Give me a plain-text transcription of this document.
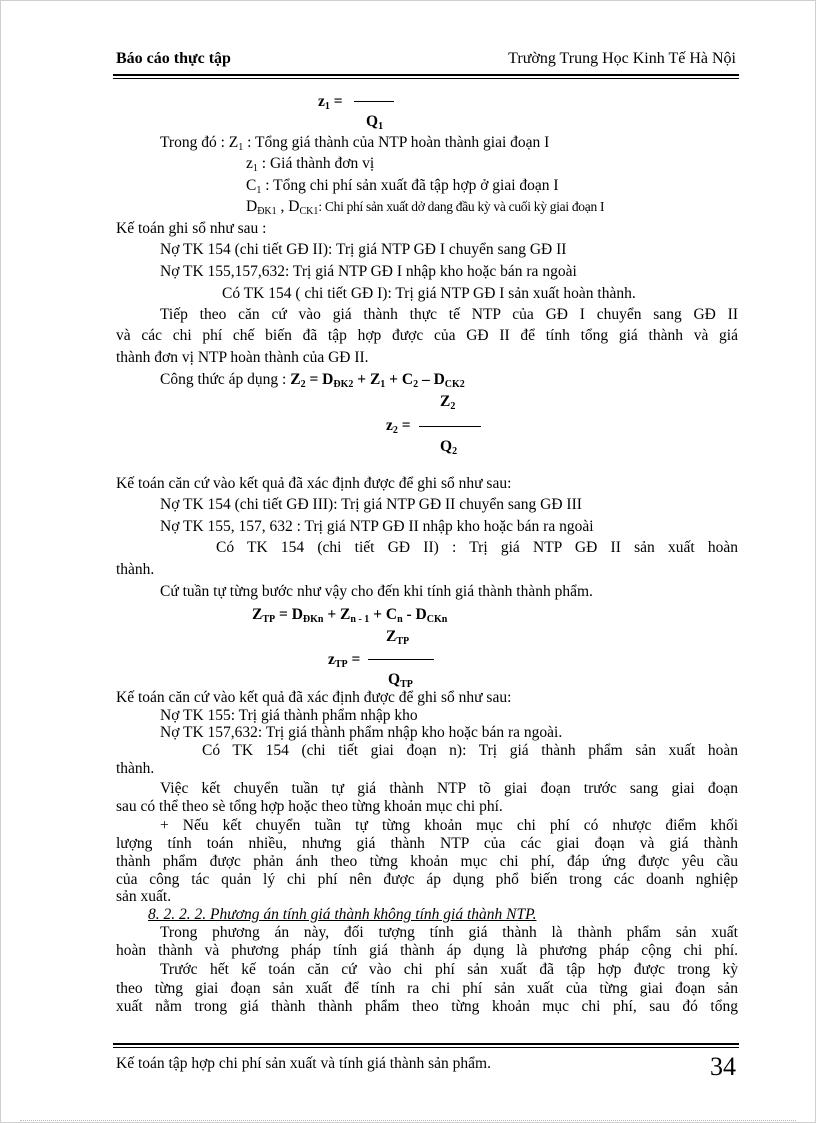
Báo cáo thực tập	Trường Trung Học Kinh Tế Hà Nội
$z_1$ =
$Q_1$
Trong đó : $Z_1$ : Tổng giá thành của NTP hoàn thành giai đoạn I
$z_1$ : Giá thành đơn vị
$C_1$ : Tổng chi phí sản xuất đã tập hợp ở giai đoạn I
$D_{ĐK1}$ , $D_{CK1}$: Chi phí sản xuất dở dang đầu kỳ và cuối kỳ giai đoạn I
Kế toán ghi sổ như sau :
Nợ TK 154 (chi tiết GĐ II): Trị giá NTP GĐ I chuyển sang GĐ II
Nợ TK 155,157,632: Trị giá NTP GĐ I nhập kho hoặc bán ra ngoài
Có TK 154 ( chi tiết GĐ I): Trị giá NTP GĐ I sản xuất hoàn thành.
Tiếp theo căn cứ vào giá thành thực tế NTP của GĐ I chuyển sang GĐ II
và các chi phí chế biến đã tập hợp được của GĐ II để tính tổng giá thành và giá
thành đơn vị NTP hoàn thành của GĐ II.
Công thức áp dụng : $Z_2 = D_{ĐK2} + Z_1 + C_2 - D_{CK2}$
$Z_2$
$z_2$ =
$Q_2$
Kế toán căn cứ vào kết quả đã xác định được để ghi sổ như sau:
Nợ TK 154 (chi tiết GĐ III): Trị giá NTP GĐ II chuyển sang GĐ III
Nợ TK 155, 157, 632 : Trị giá NTP GĐ II nhập kho hoặc bán ra ngoài
Có TK 154 (chi tiết GĐ II) : Trị giá NTP GĐ II sản xuất hoàn
thành.
Cứ tuần tự từng bước như vậy cho đến khi tính giá thành thành phẩm.
$Z_{TP} = D_{ĐKn} + Z_{n - 1} + C_n - D_{CKn}$
$Z_{TP}$
$z_{TP}$ =
$Q_{TP}$
Kế toán căn cứ vào kết quả đã xác định được để ghi sổ như sau:
Nợ TK 155: Trị giá thành phẩm nhập kho
Nợ TK 157,632: Trị giá thành phẩm nhập kho hoặc bán ra ngoài.
Có TK 154 (chi tiết giai đoạn n): Trị giá thành phẩm sản xuất hoàn
thành.
Việc kết chuyển tuần tự giá thành NTP tõ giai đoạn trước sang giai đoạn
sau có thể theo sè tổng hợp hoặc theo từng khoản mục chi phí.
+ Nếu kết chuyển tuần tự từng khoản mục chi phí có nhược điểm khối
lượng tính toán nhiều, nhưng giá thành NTP của các giai đoạn và giá thành
thành phẩm được phản ánh theo từng khoản mục chi phí, đáp ứng được yêu cầu
của công tác quản lý chi phí nên được áp dụng phổ biến trong các doanh nghiệp
sản xuất.
8. 2. 2. 2. Phương án tính giá thành không tính giá thành NTP.
Trong phương án này, đối tượng tính giá thành là thành phẩm sản xuất
hoàn thành và phương pháp tính giá thành áp dụng là phương pháp cộng chi phí.
Trước hết kế toán căn cứ vào chi phí sản xuất đã tập hợp được trong kỳ
theo từng giai đoạn sản xuất để tính ra chi phí sản xuất của từng giai đoạn sản
xuất nằm trong giá thành thành phẩm theo từng khoản mục chi phí, sau đó tổng
Kế toán tập hợp chi phí sản xuất và tính giá thành sản phẩm.	34
